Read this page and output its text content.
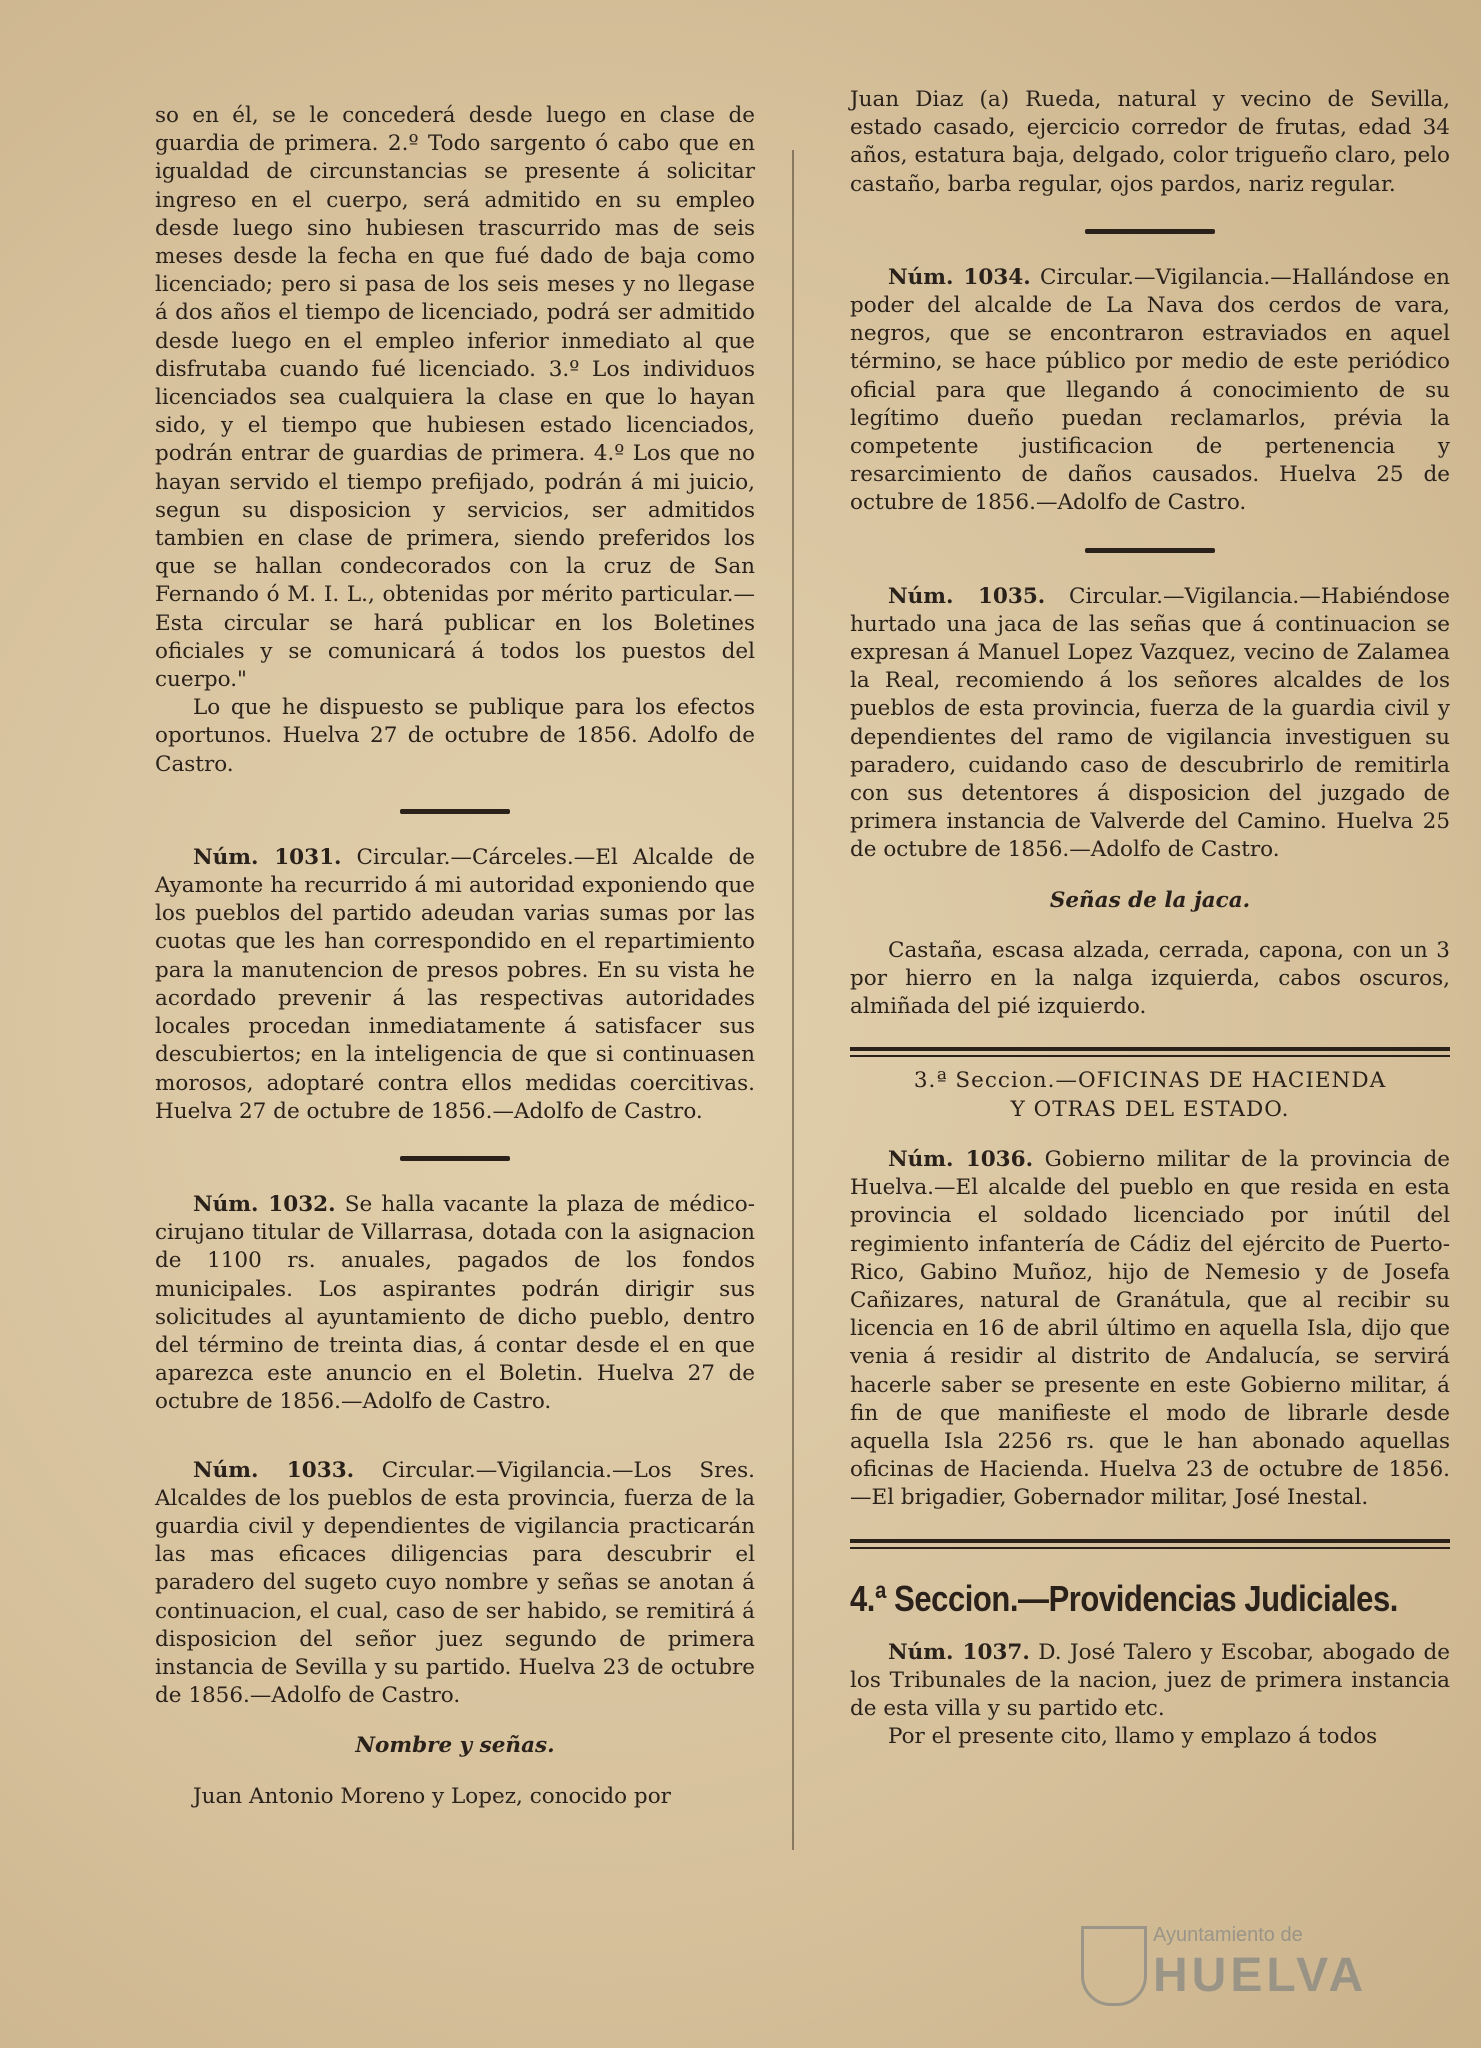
so en él, se le concederá desde luego en clase de guardia de primera. 2.º Todo sargento ó cabo que en igualdad de circunstancias se presente á solicitar ingreso en el cuerpo, será admitido en su empleo desde luego sino hubiesen trascurrido mas de seis meses desde la fecha en que fué dado de baja como licenciado; pero si pasa de los seis meses y no llegase á dos años el tiempo de licenciado, podrá ser admitido desde luego en el empleo inferior inmediato al que disfrutaba cuando fué licenciado. 3.º Los individuos licenciados sea cualquiera la clase en que lo hayan sido, y el tiempo que hubiesen estado licenciados, podrán entrar de guardias de primera. 4.º Los que no hayan servido el tiempo prefijado, podrán á mi juicio, segun su disposicion y servicios, ser admitidos tambien en clase de primera, siendo preferidos los que se hallan condecorados con la cruz de San Fernando ó M. I. L., obtenidas por mérito particular.—Esta circular se hará publicar en los Boletines oficiales y se comunicará á todos los puestos del cuerpo."

Lo que he dispuesto se publique para los efectos oportunos. Huelva 27 de octubre de 1856. Adolfo de Castro.

Núm. 1031. Circular.—Cárceles.—El Alcalde de Ayamonte ha recurrido á mi autoridad exponiendo que los pueblos del partido adeudan varias sumas por las cuotas que les han correspondido en el repartimiento para la manutencion de presos pobres. En su vista he acordado prevenir á las respectivas autoridades locales procedan inmediatamente á satisfacer sus descubiertos; en la inteligencia de que si continuasen morosos, adoptaré contra ellos medidas coercitivas. Huelva 27 de octubre de 1856.—Adolfo de Castro.

Núm. 1032. Se halla vacante la plaza de médico-cirujano titular de Villarrasa, dotada con la asignacion de 1100 rs. anuales, pagados de los fondos municipales. Los aspirantes podrán dirigir sus solicitudes al ayuntamiento de dicho pueblo, dentro del término de treinta dias, á contar desde el en que aparezca este anuncio en el Boletin. Huelva 27 de octubre de 1856.—Adolfo de Castro.

Núm. 1033. Circular.—Vigilancia.—Los Sres. Alcaldes de los pueblos de esta provincia, fuerza de la guardia civil y dependientes de vigilancia practicarán las mas eficaces diligencias para descubrir el paradero del sugeto cuyo nombre y señas se anotan á continuacion, el cual, caso de ser habido, se remitirá á disposicion del señor juez segundo de primera instancia de Sevilla y su partido. Huelva 23 de octubre de 1856.—Adolfo de Castro.

Nombre y señas.

Juan Antonio Moreno y Lopez, conocido por

Juan Diaz (a) Rueda, natural y vecino de Sevilla, estado casado, ejercicio corredor de frutas, edad 34 años, estatura baja, delgado, color trigueño claro, pelo castaño, barba regular, ojos pardos, nariz regular.

Núm. 1034. Circular.—Vigilancia.—Hallándose en poder del alcalde de La Nava dos cerdos de vara, negros, que se encontraron estraviados en aquel término, se hace público por medio de este periódico oficial para que llegando á conocimiento de su legítimo dueño puedan reclamarlos, prévia la competente justificacion de pertenencia y resarcimiento de daños causados. Huelva 25 de octubre de 1856.—Adolfo de Castro.

Núm. 1035. Circular.—Vigilancia.—Habiéndose hurtado una jaca de las señas que á continuacion se expresan á Manuel Lopez Vazquez, vecino de Zalamea la Real, recomiendo á los señores alcaldes de los pueblos de esta provincia, fuerza de la guardia civil y dependientes del ramo de vigilancia investiguen su paradero, cuidando caso de descubrirlo de remitirla con sus detentores á disposicion del juzgado de primera instancia de Valverde del Camino. Huelva 25 de octubre de 1856.—Adolfo de Castro.

Señas de la jaca.

Castaña, escasa alzada, cerrada, capona, con un 3 por hierro en la nalga izquierda, cabos oscuros, almiñada del pié izquierdo.

3.ª Seccion.—OFICINAS DE HACIENDA

Y OTRAS DEL ESTADO.

Núm. 1036. Gobierno militar de la provincia de Huelva.—El alcalde del pueblo en que resida en esta provincia el soldado licenciado por inútil del regimiento infantería de Cádiz del ejército de Puerto-Rico, Gabino Muñoz, hijo de Nemesio y de Josefa Cañizares, natural de Granátula, que al recibir su licencia en 16 de abril último en aquella Isla, dijo que venia á residir al distrito de Andalucía, se servirá hacerle saber se presente en este Gobierno militar, á fin de que manifieste el modo de librarle desde aquella Isla 2256 rs. que le han abonado aquellas oficinas de Hacienda. Huelva 23 de octubre de 1856.—El brigadier, Gobernador militar, José Inestal.

4.ª Seccion.—Providencias Judiciales.

Núm. 1037. D. José Talero y Escobar, abogado de los Tribunales de la nacion, juez de primera instancia de esta villa y su partido etc.

Por el presente cito, llamo y emplazo á todos

Ayuntamiento de
HUELVA
